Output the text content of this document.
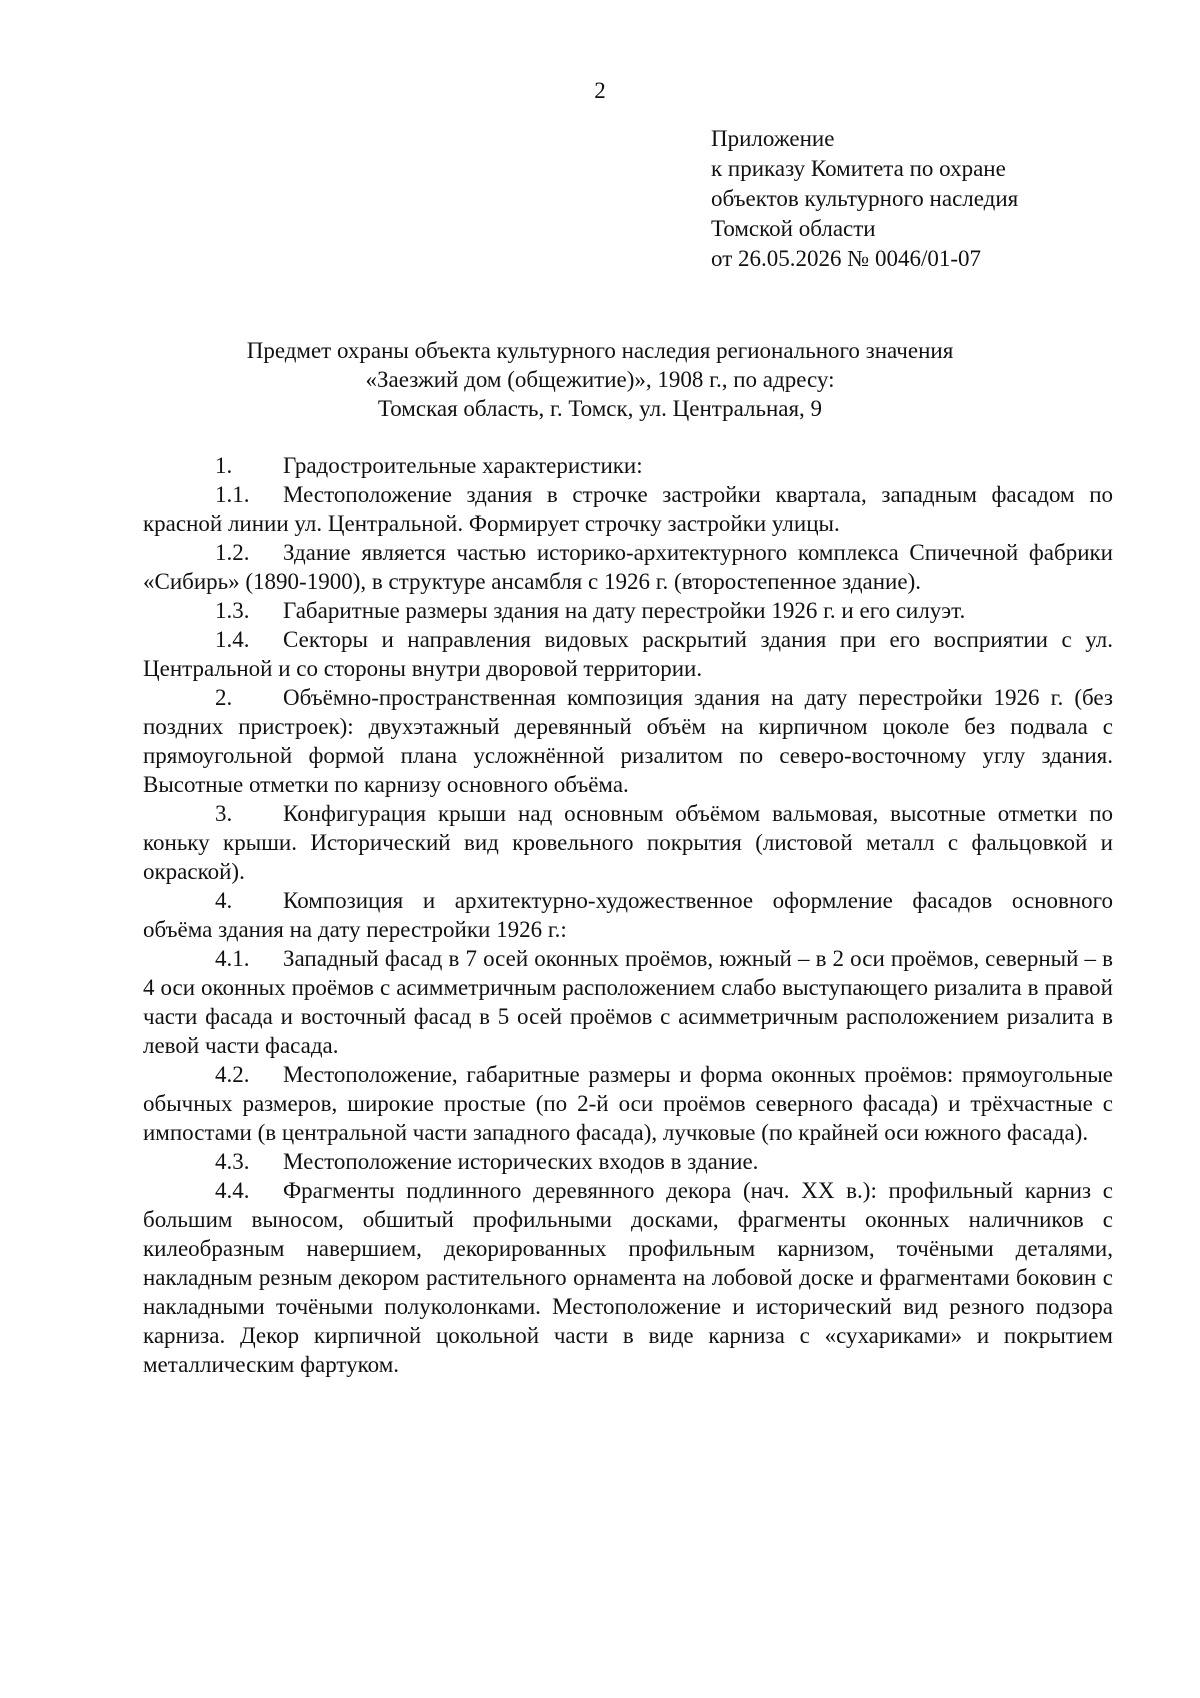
2
Приложение
к приказу Комитета по охране
объектов культурного наследия
Томской области
от 26.05.2026 № 0046/01-07
Предмет охраны объекта культурного наследия регионального значения
«Заезжий дом (общежитие)», 1908 г., по адресу:
Томская область, г. Томск, ул. Центральная, 9

1. Градостроительные характеристики:

1.1. Местоположение здания в строчке застройки квартала, западным фасадом по красной линии ул. Центральной. Формирует строчку застройки улицы.

1.2. Здание является частью историко-архитектурного комплекса Спичечной фабрики «Сибирь» (1890-1900), в структуре ансамбля с 1926 г. (второстепенное здание).

1.3. Габаритные размеры здания на дату перестройки 1926 г. и его силуэт.

1.4. Секторы и направления видовых раскрытий здания при его восприятии с ул. Центральной и со стороны внутри дворовой территории.

2. Объёмно-пространственная композиция здания на дату перестройки 1926 г. (без поздних пристроек): двухэтажный деревянный объём на кирпичном цоколе без подвала с прямоугольной формой плана усложнённой ризалитом по северо-восточному углу здания. Высотные отметки по карнизу основного объёма.

3. Конфигурация крыши над основным объёмом вальмовая, высотные отметки по коньку крыши. Исторический вид кровельного покрытия (листовой металл с фальцовкой и окраской).

4. Композиция и архитектурно-художественное оформление фасадов основного объёма здания на дату перестройки 1926 г.:

4.1. Западный фасад в 7 осей оконных проёмов, южный – в 2 оси проёмов, северный – в 4 оси оконных проёмов с асимметричным расположением слабо выступающего ризалита в правой части фасада и восточный фасад в 5 осей проёмов с асимметричным расположением ризалита в левой части фасада.

4.2. Местоположение, габаритные размеры и форма оконных проёмов: прямоугольные обычных размеров, широкие простые (по 2-й оси проёмов северного фасада) и трёхчастные с импостами (в центральной части западного фасада), лучковые (по крайней оси южного фасада).

4.3. Местоположение исторических входов в здание.

4.4. Фрагменты подлинного деревянного декора (нач. XX в.): профильный карниз с большим выносом, обшитый профильными досками, фрагменты оконных наличников с килеобразным навершием, декорированных профильным карнизом, точёными деталями, накладным резным декором растительного орнамента на лобовой доске и фрагментами боковин с накладными точёными полуколонками. Местоположение и исторический вид резного подзора карниза. Декор кирпичной цокольной части в виде карниза с «сухариками» и покрытием металлическим фартуком.
